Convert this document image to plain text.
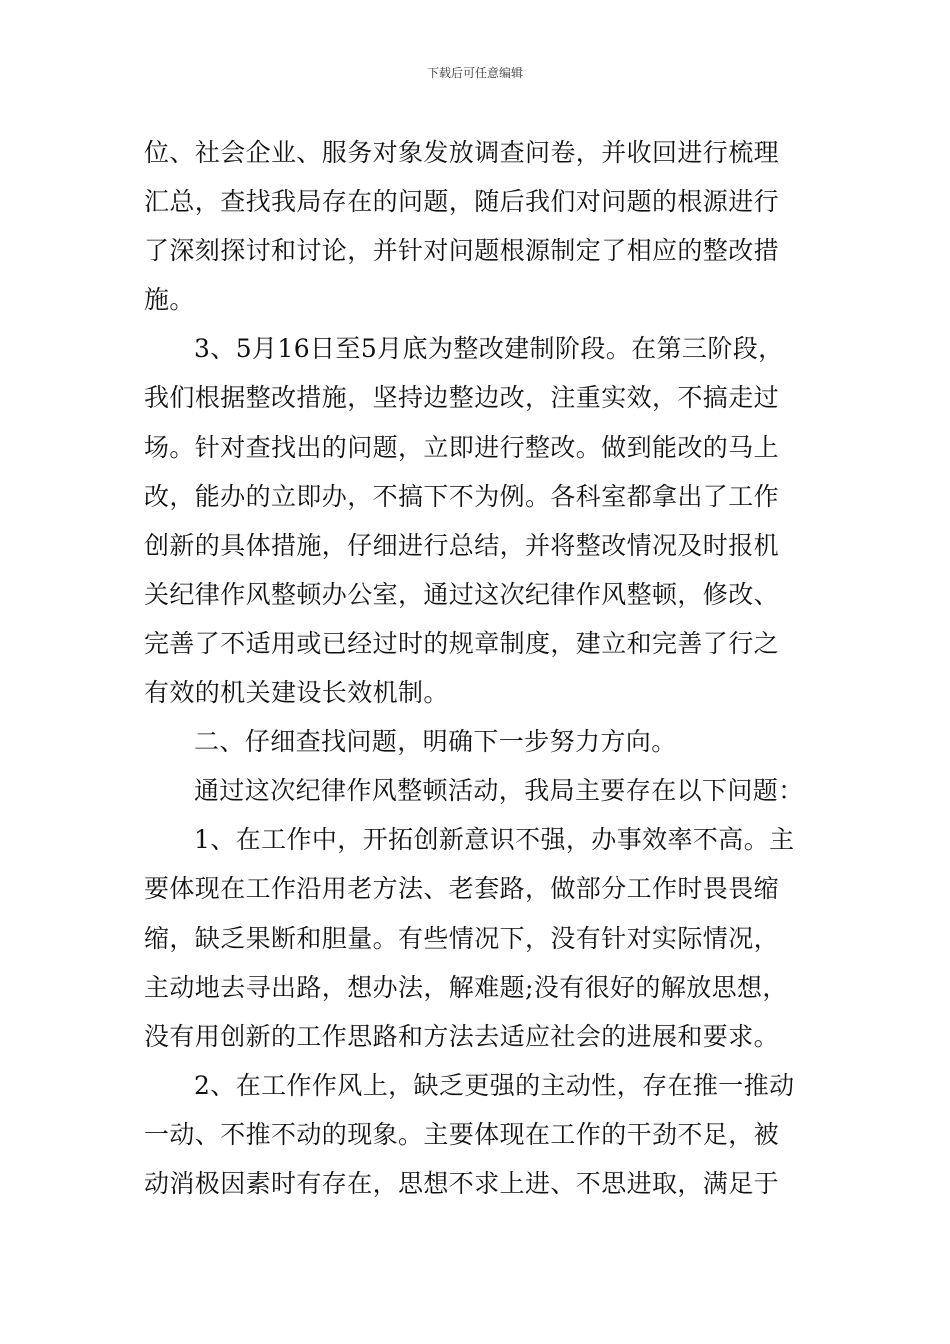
下载后可任意编辑
位、社会企业、服务对象发放调查问卷，并收回进行梳理
汇总，查找我局存在的问题，随后我们对问题的根源进行
了深刻探讨和讨论，并针对问题根源制定了相应的整改措
施。
3、5月16日至5月底为整改建制阶段。在第三阶段，
我们根据整改措施，坚持边整边改，注重实效，不搞走过
场。针对查找出的问题，立即进行整改。做到能改的马上
改，能办的立即办，不搞下不为例。各科室都拿出了工作
创新的具体措施，仔细进行总结，并将整改情况及时报机
关纪律作风整顿办公室，通过这次纪律作风整顿，修改、
完善了不适用或已经过时的规章制度，建立和完善了行之
有效的机关建设长效机制。
二、仔细查找问题，明确下一步努力方向。
通过这次纪律作风整顿活动，我局主要存在以下问题：
1、在工作中，开拓创新意识不强，办事效率不高。主
要体现在工作沿用老方法、老套路，做部分工作时畏畏缩
缩，缺乏果断和胆量。有些情况下，没有针对实际情况，
主动地去寻出路，想办法，解难题;没有很好的解放思想，
没有用创新的工作思路和方法去适应社会的进展和要求。
2、在工作作风上，缺乏更强的主动性，存在推一推动
一动、不推不动的现象。主要体现在工作的干劲不足，被
动消极因素时有存在，思想不求上进、不思进取，满足于
